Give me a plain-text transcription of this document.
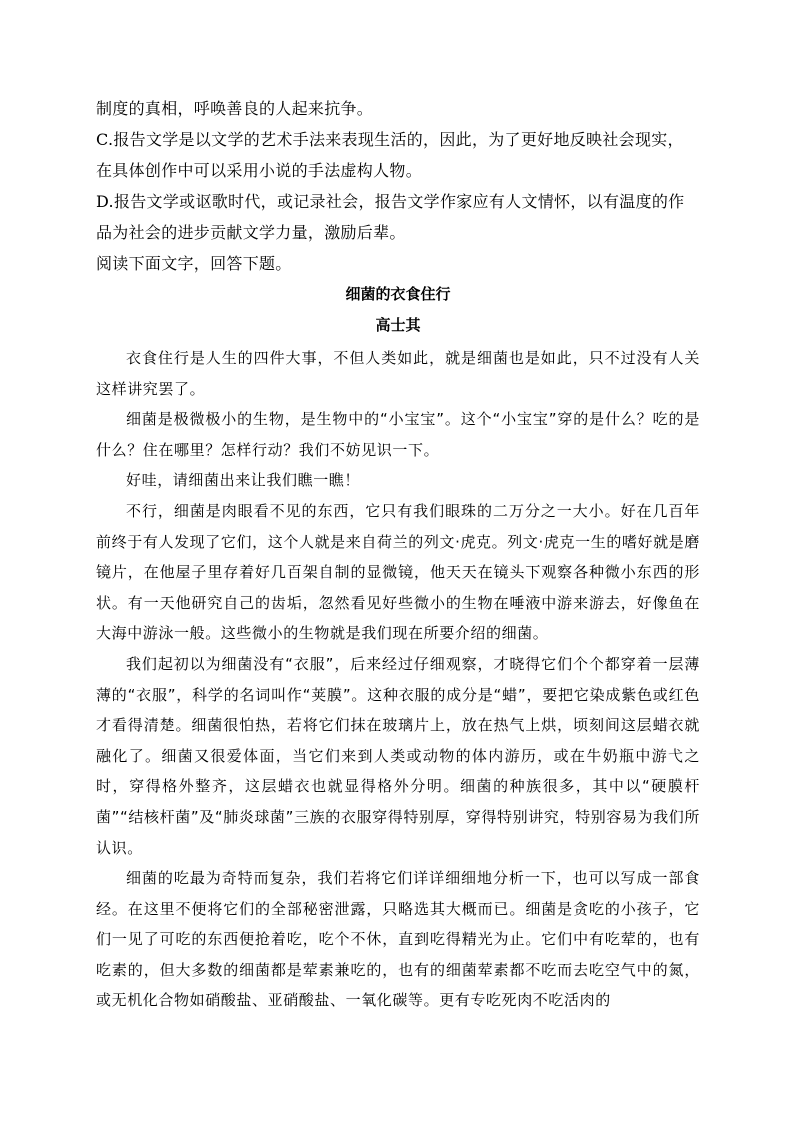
制度的真相，呼唤善良的人起来抗争。

C.报告文学是以文学的艺术手法来表现生活的，因此，为了更好地反映社会现实，在具体创作中可以采用小说的手法虚构人物。

D.报告文学或讴歌时代，或记录社会，报告文学作家应有人文情怀，以有温度的作品为社会的进步贡献文学力量，激励后辈。

阅读下面文字，回答下题。

细菌的衣食住行

高士其

衣食住行是人生的四件大事，不但人类如此，就是细菌也是如此，只不过没有人关这样讲究罢了。

细菌是极微极小的生物，是生物中的“小宝宝”。这个“小宝宝”穿的是什么？吃的是什么？住在哪里？怎样行动？我们不妨见识一下。

好哇，请细菌出来让我们瞧一瞧！

不行，细菌是肉眼看不见的东西，它只有我们眼珠的二万分之一大小。好在几百年前终于有人发现了它们，这个人就是来自荷兰的列文·虎克。列文·虎克一生的嗜好就是磨镜片，在他屋子里存着好几百架自制的显微镜，他天天在镜头下观察各种微小东西的形状。有一天他研究自己的齿垢，忽然看见好些微小的生物在唾液中游来游去，好像鱼在大海中游泳一般。这些微小的生物就是我们现在所要介绍的细菌。

我们起初以为细菌没有“衣服”，后来经过仔细观察，才晓得它们个个都穿着一层薄薄的“衣服”，科学的名词叫作“荚膜”。这种衣服的成分是“蜡”，要把它染成紫色或红色才看得清楚。细菌很怕热，若将它们抹在玻璃片上，放在热气上烘，顷刻间这层蜡衣就融化了。细菌又很爱体面，当它们来到人类或动物的体内游历，或在牛奶瓶中游弋之时，穿得格外整齐，这层蜡衣也就显得格外分明。细菌的种族很多，其中以“硬膜杆菌”“结核杆菌”及“肺炎球菌”三族的衣服穿得特别厚，穿得特别讲究，特别容易为我们所认识。

细菌的吃最为奇特而复杂，我们若将它们详详细细地分析一下，也可以写成一部食经。在这里不便将它们的全部秘密泄露，只略选其大概而已。细菌是贪吃的小孩子，它们一见了可吃的东西便抢着吃，吃个不休，直到吃得精光为止。它们中有吃荤的，也有吃素的，但大多数的细菌都是荤素兼吃的，也有的细菌荤素都不吃而去吃空气中的氮，或无机化合物如硝酸盐、亚硝酸盐、一氧化碳等。更有专吃死肉不吃活肉的
